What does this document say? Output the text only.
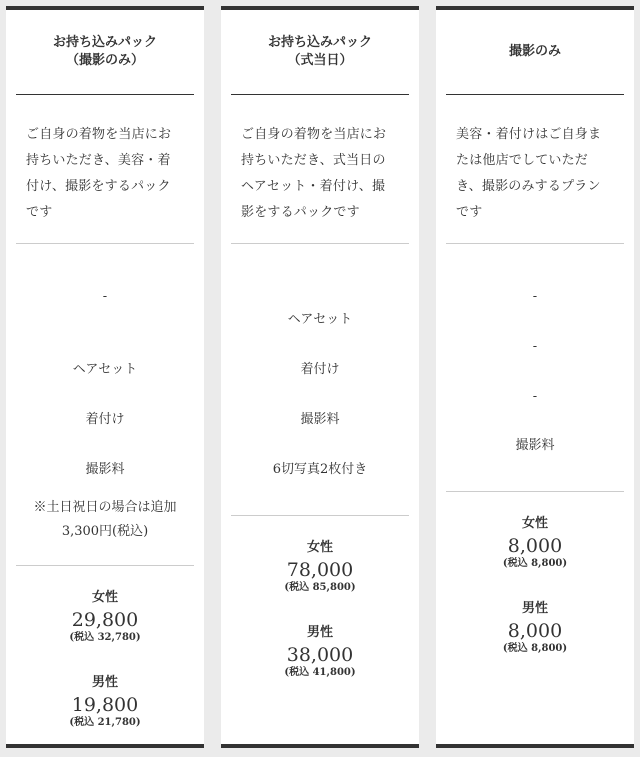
お持ち込みパック
（撮影のみ）
ご自身の着物を当店にお
持ちいただき、美容・着
付け、撮影をするパック
です
-
ヘアセット
着付け
撮影料
※土日祝日の場合は追加
3,300円(税込)
女性
29,800
(税込 32,780)
男性
19,800
(税込 21,780)
お持ち込みパック
（式当日）
ご自身の着物を当店にお
持ちいただき、式当日の
ヘアセット・着付け、撮
影をするパックです
ヘアセット
着付け
撮影料
6切写真2枚付き
女性
78,000
(税込 85,800)
男性
38,000
(税込 41,800)
撮影のみ
美容・着付けはご自身ま
たは他店でしていただ
き、撮影のみするプラン
です
-
-
-
撮影料
女性
8,000
(税込 8,800)
男性
8,000
(税込 8,800)
